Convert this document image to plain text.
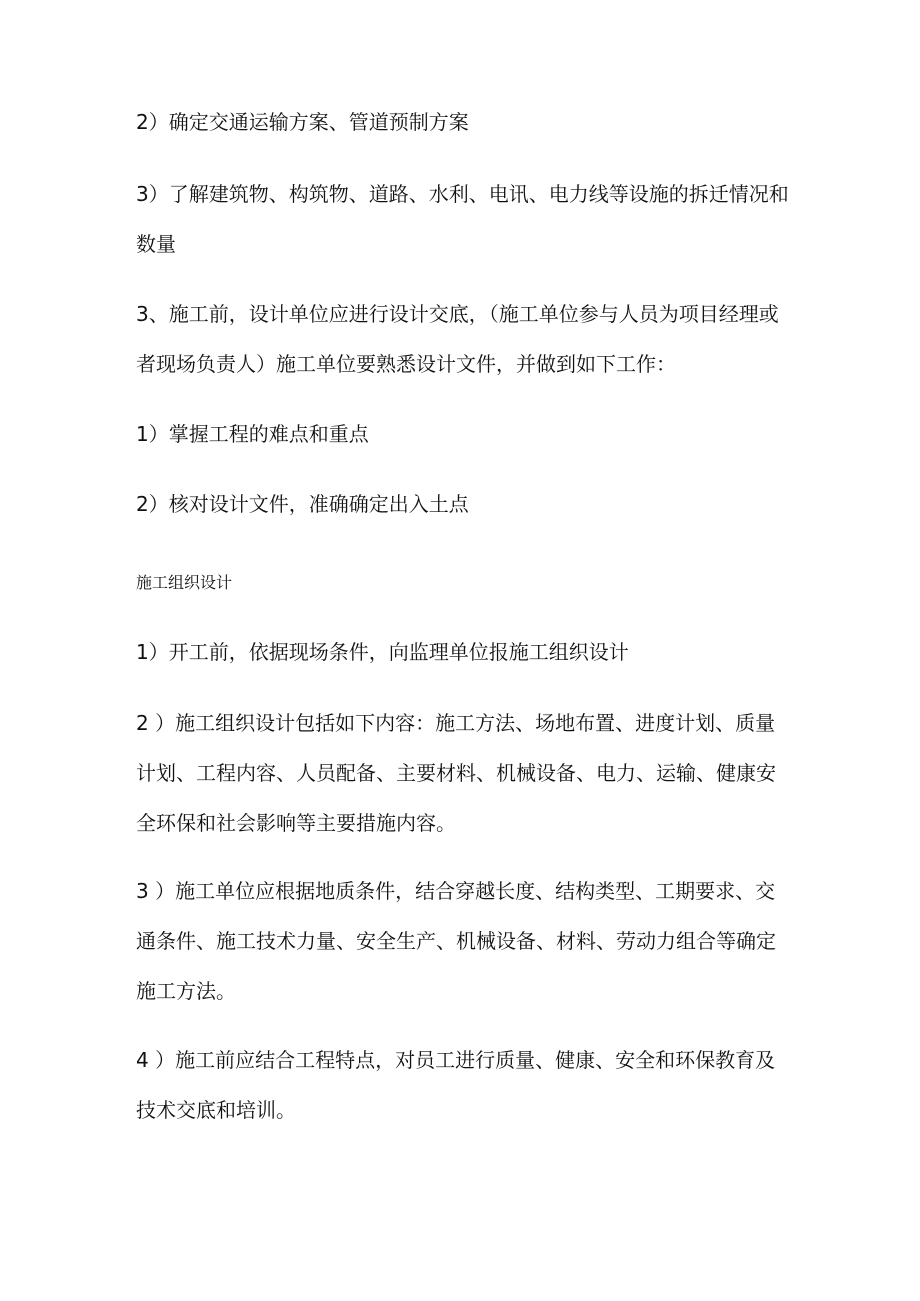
2）确定交通运输方案、管道预制方案
3）了解建筑物、构筑物、道路、水利、电讯、电力线等设施的拆迁情况和
数量
3、施工前，设计单位应进行设计交底，（施工单位参与人员为项目经理或
者现场负责人）施工单位要熟悉设计文件，并做到如下工作：
1）掌握工程的难点和重点
2）核对设计文件，准确确定出入土点
施工组织设计
1）开工前，依据现场条件，向监理单位报施工组织设计
2 ）施工组织设计包括如下内容：施工方法、场地布置、进度计划、质量
计划、工程内容、人员配备、主要材料、机械设备、电力、运输、健康安
全环保和社会影响等主要措施内容。
3 ）施工单位应根据地质条件，结合穿越长度、结构类型、工期要求、交
通条件、施工技术力量、安全生产、机械设备、材料、劳动力组合等确定
施工方法。
4 ）施工前应结合工程特点，对员工进行质量、健康、安全和环保教育及
技术交底和培训。
